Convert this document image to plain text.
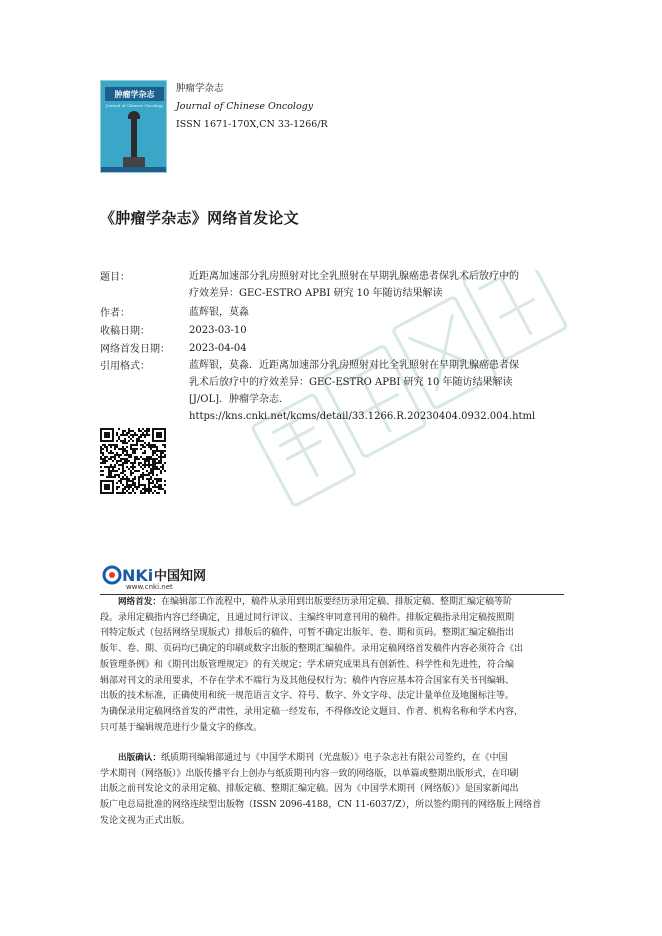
肿瘤学杂志
Journal of Chinese Oncology
肿瘤学杂志
Journal of Chinese Oncology
ISSN 1671-170X,CN 33-1266/R
《肿瘤学杂志》网络首发论文
题目：	近距离加速部分乳房照射对比全乳照射在早期乳腺癌患者保乳术后放疗中的
疗效差异：GEC-ESTRO APBI 研究 10 年随访结果解读
作者：	蓝辉银，莫淼
收稿日期：	2023-03-10
网络首发日期： 2023-04-04
引用格式：	蓝辉银，莫淼．近距离加速部分乳房照射对比全乳照射在早期乳腺癌患者保
乳术后放疗中的疗效差异：GEC-ESTRO APBI 研究 10 年随访结果解读
[J/OL]．肿瘤学杂志．
https://kns.cnki.net/kcms/detail/33.1266.R.20230404.0932.004.html
NKi 中国知网
www.cnki.net
　　网络首发：在编辑部工作流程中，稿件从录用到出版要经历录用定稿、排版定稿、整期汇编定稿等阶
段。录用定稿指内容已经确定，且通过同行评议、主编终审同意刊用的稿件。排版定稿指录用定稿按照期
刊特定版式（包括网络呈现版式）排版后的稿件，可暂不确定出版年、卷、期和页码。整期汇编定稿指出
版年、卷、期、页码均已确定的印刷或数字出版的整期汇编稿件。录用定稿网络首发稿件内容必须符合《出
版管理条例》和《期刊出版管理规定》的有关规定；学术研究成果具有创新性、科学性和先进性，符合编
辑部对刊文的录用要求，不存在学术不端行为及其他侵权行为；稿件内容应基本符合国家有关书刊编辑、
出版的技术标准，正确使用和统一规范语言文字、符号、数字、外文字母、法定计量单位及地图标注等。
为确保录用定稿网络首发的严肃性，录用定稿一经发布，不得修改论文题目、作者、机构名称和学术内容，
只可基于编辑规范进行少量文字的修改。
　　出版确认：纸质期刊编辑部通过与《中国学术期刊（光盘版）》电子杂志社有限公司签约，在《中国
学术期刊（网络版）》出版传播平台上创办与纸质期刊内容一致的网络版，以单篇或整期出版形式，在印刷
出版之前刊发论文的录用定稿、排版定稿、整期汇编定稿。因为《中国学术期刊（网络版）》是国家新闻出
版广电总局批准的网络连续型出版物（ISSN 2096-4188，CN 11-6037/Z），所以签约期刊的网络版上网络首
发论文视为正式出版。
